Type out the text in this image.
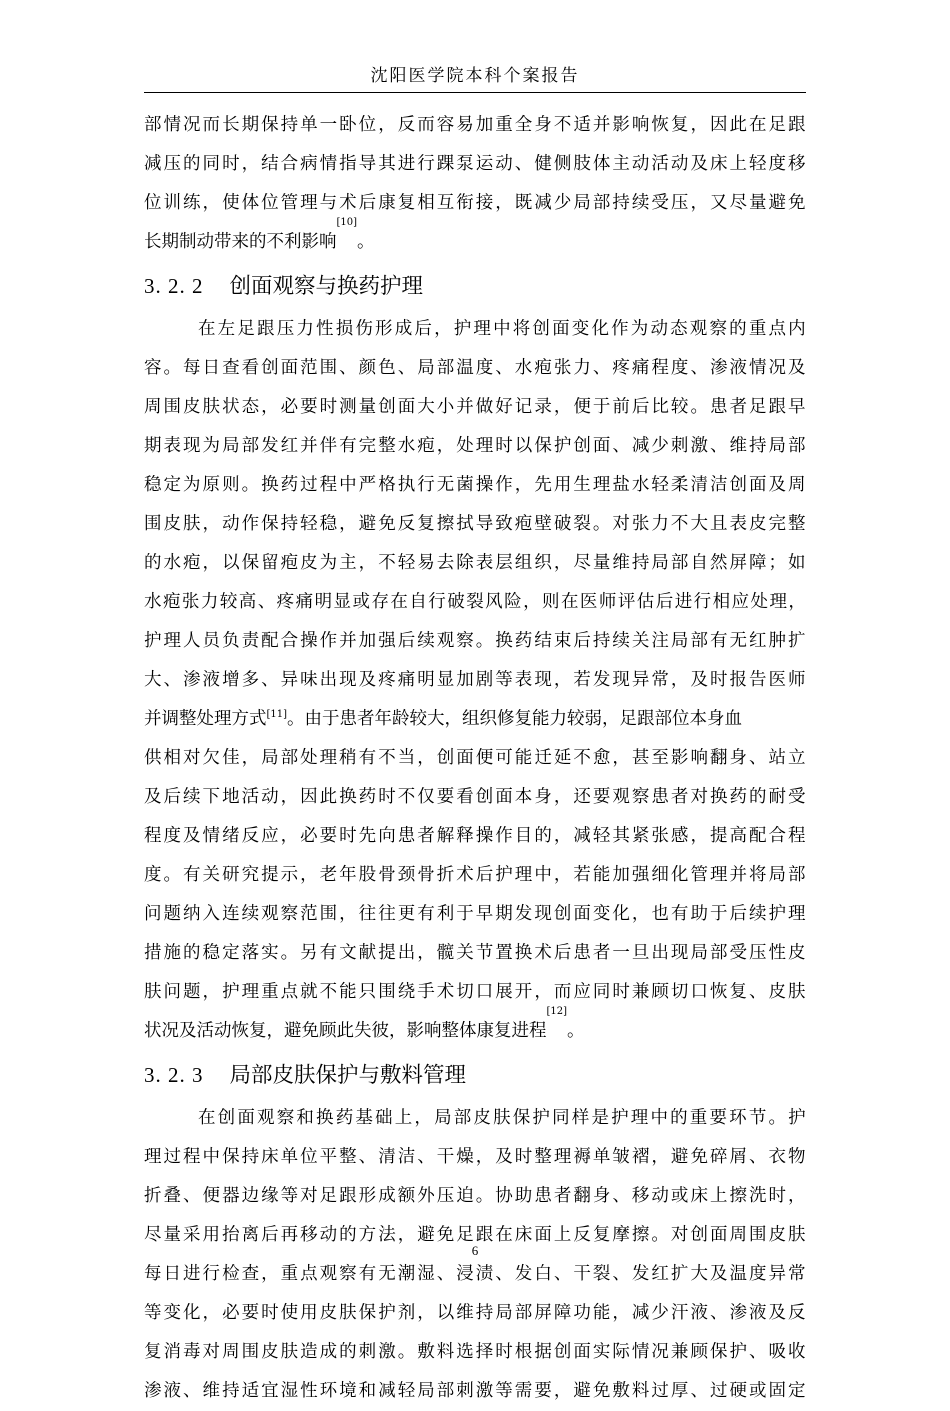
沈阳医学院本科个案报告
部 情 况 而 长 期 保 持 单 一 卧 位 ， 反 而 容 易 加 重 全 身 不 适 并 影 响 恢 复 ， 因 此 在 足 跟
减 压 的 同 时 ， 结 合 病 情 指 导 其 进 行 踝 泵 运 动 、 健 侧 肢 体 主 动 活 动 及 床 上 轻 度 移
位 训 练 ， 使 体 位 管 理 与 术 后 康 复 相 互 衔 接 ， 既 减 少 局 部 持 续 受 压 ， 又 尽 量 避 免
长期制动带来的不利影响
[10]
。
3. 2. 2 创面观察与换药护理
在 左 足 跟 压 力 性 损 伤 形 成 后 ， 护 理 中 将 创 面 变 化 作 为 动 态 观 察 的 重 点 内
容 。 每 日 查 看 创 面 范 围 、 颜 色 、 局 部 温 度 、 水 疱 张 力 、 疼 痛 程 度 、 渗 液 情 况 及
周 围 皮 肤 状 态 ， 必 要 时 测 量 创 面 大 小 并 做 好 记 录 ， 便 于 前 后 比 较 。 患 者 足 跟 早
期 表 现 为 局 部 发 红 并 伴 有 完 整 水 疱 ， 处 理 时 以 保 护 创 面 、 减 少 刺 激 、 维 持 局 部
稳 定 为 原 则 。 换 药 过 程 中 严 格 执 行 无 菌 操 作 ， 先 用 生 理 盐 水 轻 柔 清 洁 创 面 及 周
围 皮 肤 ， 动 作 保 持 轻 稳 ， 避 免 反 复 擦 拭 导 致 疱 壁 破 裂 。 对 张 力 不 大 且 表 皮 完 整
的 水 疱 ， 以 保 留 疱 皮 为 主 ， 不 轻 易 去 除 表 层 组 织 ， 尽 量 维 持 局 部 自 然 屏 障 ； 如
水 疱 张 力 较 高 、 疼 痛 明 显 或 存 在 自 行 破 裂 风 险 ， 则 在 医 师 评 估 后 进 行 相 应 处 理 ，
护 理 人 员 负 责 配 合 操 作 并 加 强 后 续 观 察 。 换 药 结 束 后 持 续 关 注 局 部 有 无 红 肿 扩
大 、 渗 液 增 多 、 异 味 出 现 及 疼 痛 明 显 加 剧 等 表 现 ， 若 发 现 异 常 ， 及 时 报 告 医 师
并调整处理方式[11]。由于患者年龄较大，组织修复能力较弱，足跟部位本身血
供 相 对 欠 佳 ， 局 部 处 理 稍 有 不 当 ， 创 面 便 可 能 迁 延 不 愈 ， 甚 至 影 响 翻 身 、 站 立
及 后 续 下 地 活 动 ， 因 此 换 药 时 不 仅 要 看 创 面 本 身 ， 还 要 观 察 患 者 对 换 药 的 耐 受
程 度 及 情 绪 反 应 ， 必 要 时 先 向 患 者 解 释 操 作 目 的 ， 减 轻 其 紧 张 感 ， 提 高 配 合 程
度 。 有 关 研 究 提 示 ， 老 年 股 骨 颈 骨 折 术 后 护 理 中 ， 若 能 加 强 细 化 管 理 并 将 局 部
问 题 纳 入 连 续 观 察 范 围 ， 往 往 更 有 利 于 早 期 发 现 创 面 变 化 ， 也 有 助 于 后 续 护 理
措 施 的 稳 定 落 实 。 另 有 文 献 提 出 ， 髋 关 节 置 换 术 后 患 者 一 旦 出 现 局 部 受 压 性 皮
肤 问 题 ， 护 理 重 点 就 不 能 只 围 绕 手 术 切 口 展 开 ， 而 应 同 时 兼 顾 切 口 恢 复 、 皮 肤
状况及活动恢复，避免顾此失彼，影响整体康复进程
[12]
。
3. 2. 3 局部皮肤保护与敷料管理
在 创 面 观 察 和 换 药 基 础 上 ， 局 部 皮 肤 保 护 同 样 是 护 理 中 的 重 要 环 节 。 护
理 过 程 中 保 持 床 单 位 平 整 、 清 洁 、 干 燥 ， 及 时 整 理 褥 单 皱 褶 ， 避 免 碎 屑 、 衣 物
折 叠 、 便 器 边 缘 等 对 足 跟 形 成 额 外 压 迫 。 协 助 患 者 翻 身 、 移 动 或 床 上 擦 洗 时 ，
尽 量 采 用 抬 离 后 再 移 动 的 方 法 ， 避 免 足 跟 在 床 面 上 反 复 摩 擦 。 对 创 面 周 围 皮 肤
每 日 进 行 检 查 ， 重 点 观 察 有 无 潮 湿 、 浸 渍 、 发 白 、 干 裂 、 发 红 扩 大 及 温 度 异 常
等 变 化 ， 必 要 时 使 用 皮 肤 保 护 剂 ， 以 维 持 局 部 屏 障 功 能 ， 减 少 汗 液 、 渗 液 及 反
复 消 毒 对 周 围 皮 肤 造 成 的 刺 激 。 敷 料 选 择 时 根 据 创 面 实 际 情 况 兼 顾 保 护 、 吸 收
渗 液 、 维 持 适 宜 湿 性 环 境 和 减 轻 局 部 刺 激 等 需 要 ， 避 免 敷 料 过 厚 、 过 硬 或 固 定
6
